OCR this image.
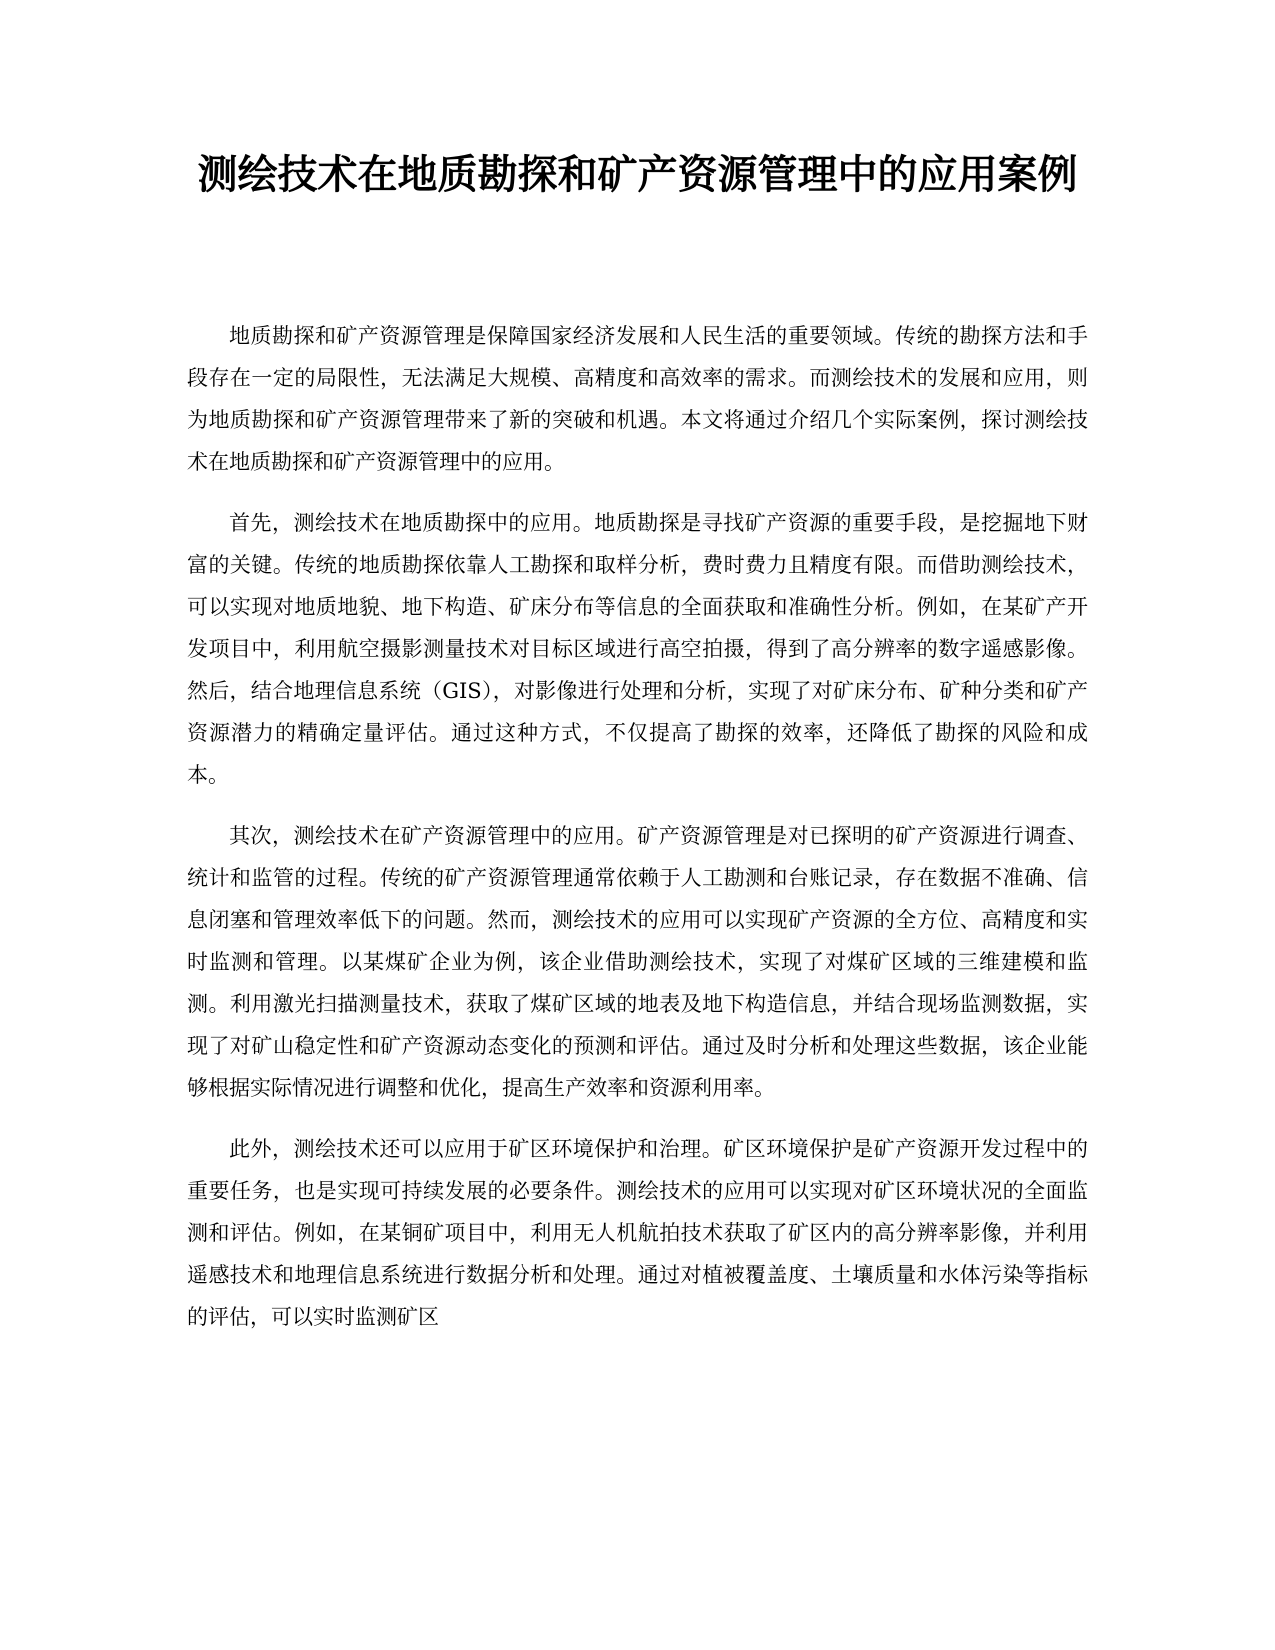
测绘技术在地质勘探和矿产资源管理中的应用案例

地质勘探和矿产资源管理是保障国家经济发展和人民生活的重要领域。传统的勘探方法和手段存在一定的局限性，无法满足大规模、高精度和高效率的需求。而测绘技术的发展和应用，则为地质勘探和矿产资源管理带来了新的突破和机遇。本文将通过介绍几个实际案例，探讨测绘技术在地质勘探和矿产资源管理中的应用。

首先，测绘技术在地质勘探中的应用。地质勘探是寻找矿产资源的重要手段，是挖掘地下财富的关键。传统的地质勘探依靠人工勘探和取样分析，费时费力且精度有限。而借助测绘技术，可以实现对地质地貌、地下构造、矿床分布等信息的全面获取和准确性分析。例如，在某矿产开发项目中，利用航空摄影测量技术对目标区域进行高空拍摄，得到了高分辨率的数字遥感影像。然后，结合地理信息系统（GIS），对影像进行处理和分析，实现了对矿床分布、矿种分类和矿产资源潜力的精确定量评估。通过这种方式，不仅提高了勘探的效率，还降低了勘探的风险和成本。

其次，测绘技术在矿产资源管理中的应用。矿产资源管理是对已探明的矿产资源进行调查、统计和监管的过程。传统的矿产资源管理通常依赖于人工勘测和台账记录，存在数据不准确、信息闭塞和管理效率低下的问题。然而，测绘技术的应用可以实现矿产资源的全方位、高精度和实时监测和管理。以某煤矿企业为例，该企业借助测绘技术，实现了对煤矿区域的三维建模和监测。利用激光扫描测量技术，获取了煤矿区域的地表及地下构造信息，并结合现场监测数据，实现了对矿山稳定性和矿产资源动态变化的预测和评估。通过及时分析和处理这些数据，该企业能够根据实际情况进行调整和优化，提高生产效率和资源利用率。

此外，测绘技术还可以应用于矿区环境保护和治理。矿区环境保护是矿产资源开发过程中的重要任务，也是实现可持续发展的必要条件。测绘技术的应用可以实现对矿区环境状况的全面监测和评估。例如，在某铜矿项目中，利用无人机航拍技术获取了矿区内的高分辨率影像，并利用遥感技术和地理信息系统进行数据分析和处理。通过对植被覆盖度、土壤质量和水体污染等指标的评估，可以实时监测矿区
